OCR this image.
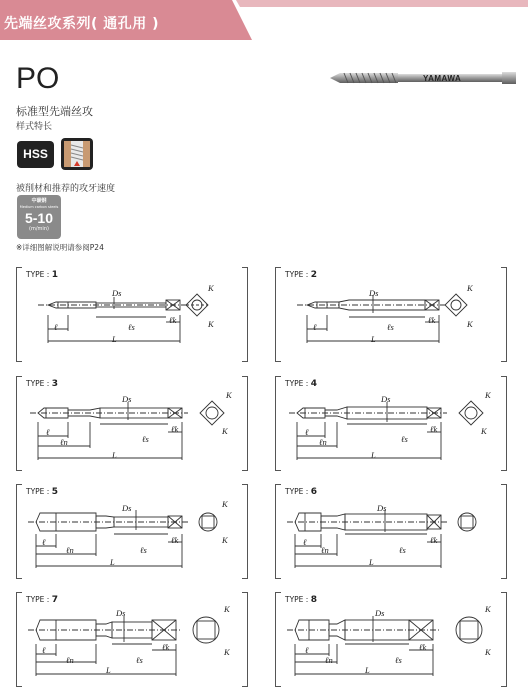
先端丝攻系列( 通孔用 )
PO
标准型先端丝攻
样式特长
HSS
被削材和推荐的攻牙速度
中碳钢
Medium carbon steels
5-10
(m/min)
※详细图解说明请参阅P24
YAMAWA
TYPE : 1
Ds
ℓ	ℓs
ℓk
L
K
K
TYPE : 2
Ds
ℓ	ℓs
ℓk
L
K
K
TYPE : 3
Ds
ℓ
ℓn	ℓs
ℓk
L
K
K
TYPE : 4
Ds
ℓ
ℓn	ℓs
ℓk
L
K
K
TYPE : 5
Ds
ℓ
ℓn	ℓs
ℓk
L
K
K
TYPE : 6
Ds
ℓ
ℓn	ℓs
ℓk
L
TYPE : 7
Ds
ℓ
ℓn	ℓs
ℓk
L
K
K
TYPE : 8
Ds
ℓ
ℓn	ℓs
ℓk
L
K
K
